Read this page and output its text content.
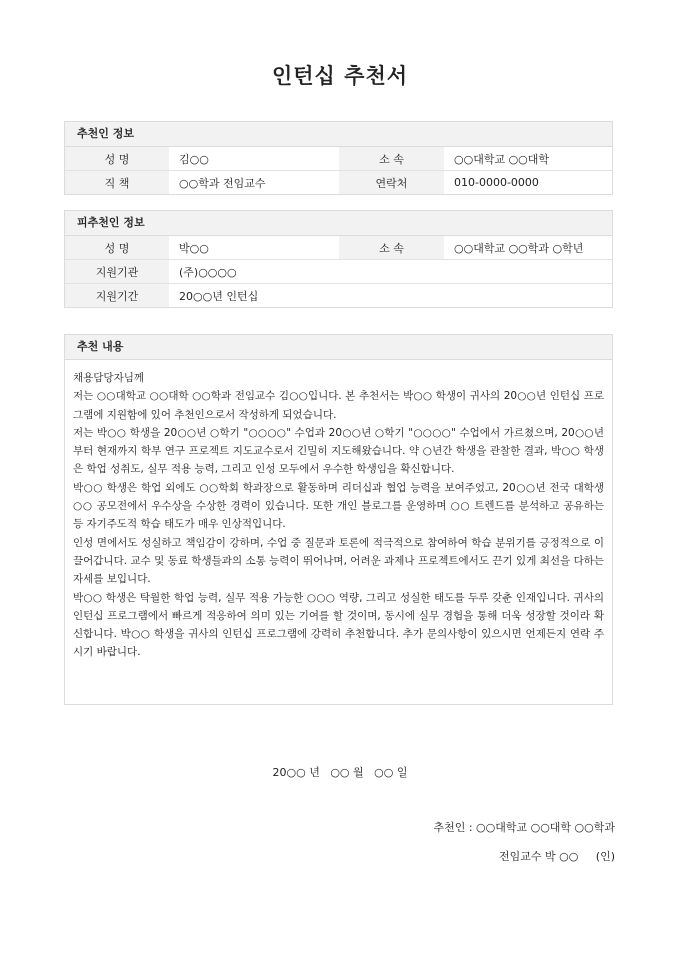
인턴십 추천서
추천인 정보
성 명	김○○	소 속	○○대학교 ○○대학
직 책	○○학과 전임교수	연락처	010-0000-0000
피추천인 정보
성 명	박○○	소 속	○○대학교 ○○학과 ○학년
지원기관	(주)○○○○		
지원기간	20○○년 인턴십		
추천 내용

채용담당자님께

저는 ○○대학교 ○○대학 ○○학과 전임교수 김○○입니다. 본 추천서는 박○○ 학생이 귀사의 20○○년 인턴십 프로그램에 지원함에 있어 추천인으로서 작성하게 되었습니다.

저는 박○○ 학생을 20○○년 ○학기 "○○○○" 수업과 20○○년 ○학기 "○○○○" 수업에서 가르쳤으며, 20○○년부터 현재까지 학부 연구 프로젝트 지도교수로서 긴밀히 지도해왔습니다. 약 ○년간 학생을 관찰한 결과, 박○○ 학생은 학업 성취도, 실무 적용 능력, 그리고 인성 모두에서 우수한 학생임을 확신합니다.

박○○ 학생은 학업 외에도 ○○학회 학과장으로 활동하며 리더십과 협업 능력을 보여주었고, 20○○년 전국 대학생 ○○ 공모전에서 우수상을 수상한 경력이 있습니다. 또한 개인 블로그를 운영하며 ○○ 트렌드를 분석하고 공유하는 등 자기주도적 학습 태도가 매우 인상적입니다.

인성 면에서도 성실하고 책임감이 강하며, 수업 중 질문과 토론에 적극적으로 참여하여 학습 분위기를 긍정적으로 이끌어갑니다. 교수 및 동료 학생들과의 소통 능력이 뛰어나며, 어려운 과제나 프로젝트에서도 끈기 있게 최선을 다하는 자세를 보입니다.

박○○ 학생은 탁월한 학업 능력, 실무 적용 가능한 ○○○ 역량, 그리고 성실한 태도를 두루 갖춘 인재입니다. 귀사의 인턴십 프로그램에서 빠르게 적응하여 의미 있는 기여를 할 것이며, 동시에 실무 경험을 통해 더욱 성장할 것이라 확신합니다. 박○○ 학생을 귀사의 인턴십 프로그램에 강력히 추천합니다. 추가 문의사항이 있으시면 언제든지 연락 주시기 바랍니다.

20○○ 년   ○○ 월   ○○ 일
추천인 : ○○대학교 ○○대학 ○○학과
전임교수 박 ○○     (인)
